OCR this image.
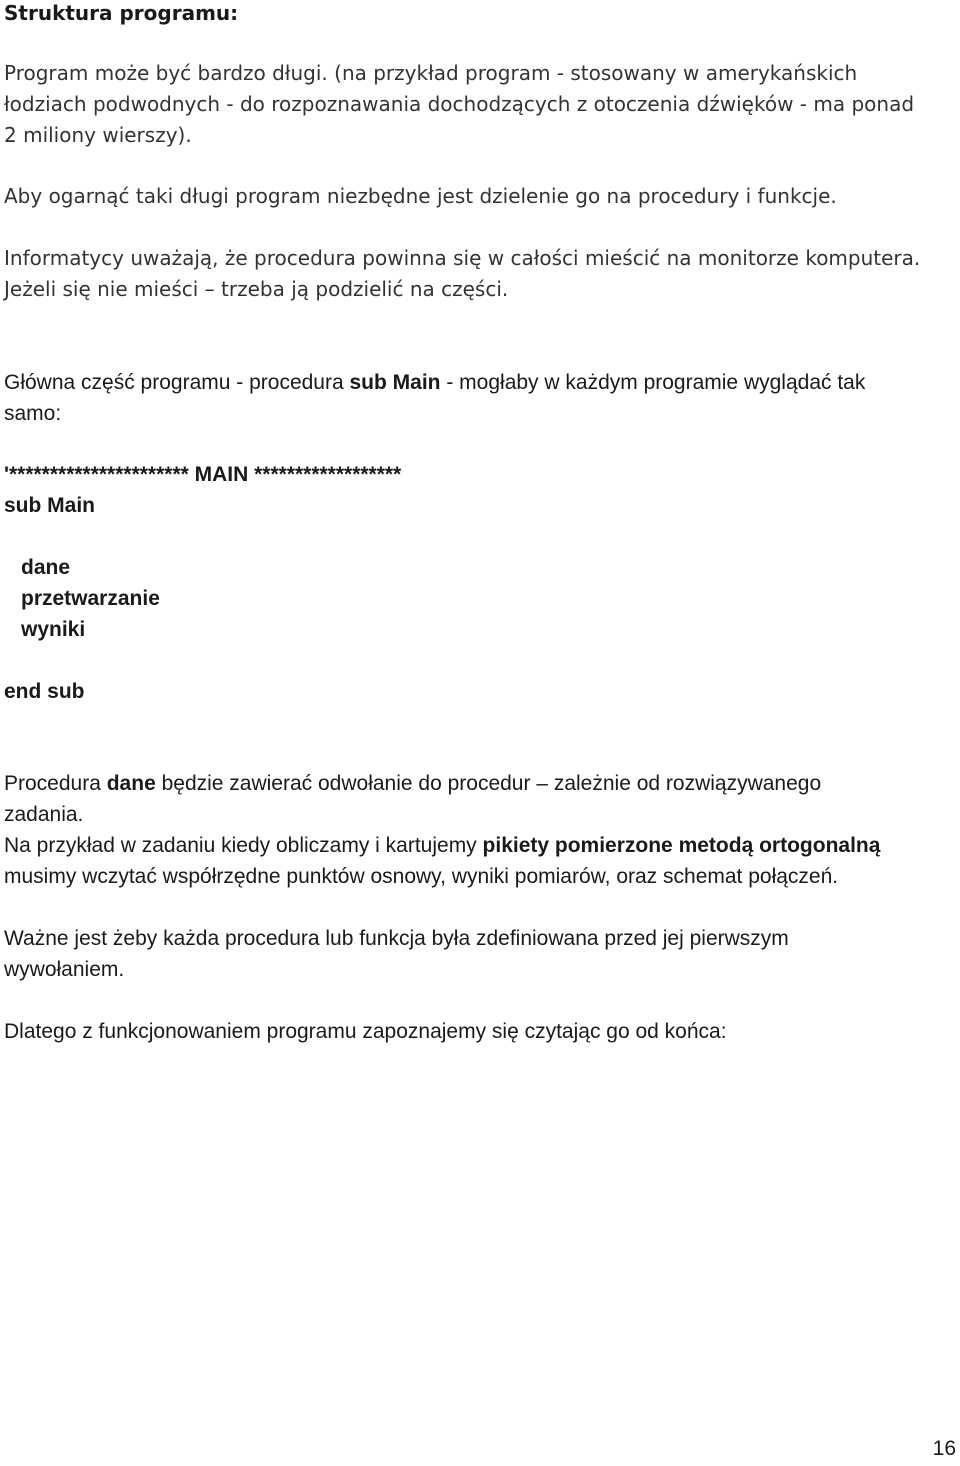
Struktura programu:

Program może być bardzo długi. (na przykład program - stosowany w amerykańskich

łodziach podwodnych - do rozpoznawania dochodzących z otoczenia dźwięków - ma ponad

2 miliony wierszy).

Aby ogarnąć taki długi program niezbędne jest dzielenie go na procedury i funkcje.

Informatycy uważają, że procedura powinna się w całości mieścić na monitorze komputera.

Jeżeli się nie mieści – trzeba ją podzielić na części.

Główna część programu - procedura sub Main - mogłaby w każdym programie wyglądać tak

samo:

'********************** MAIN ******************

sub Main

dane

przetwarzanie

wyniki

end sub

Procedura dane będzie zawierać odwołanie do procedur – zależnie od rozwiązywanego

zadania.

Na przykład w zadaniu kiedy obliczamy i kartujemy pikiety pomierzone metodą ortogonalną

musimy wczytać współrzędne punktów osnowy, wyniki pomiarów, oraz schemat połączeń.

Ważne jest żeby każda procedura lub funkcja była zdefiniowana przed jej pierwszym

wywołaniem.

Dlatego z funkcjonowaniem programu zapoznajemy się czytając go od końca:

16
